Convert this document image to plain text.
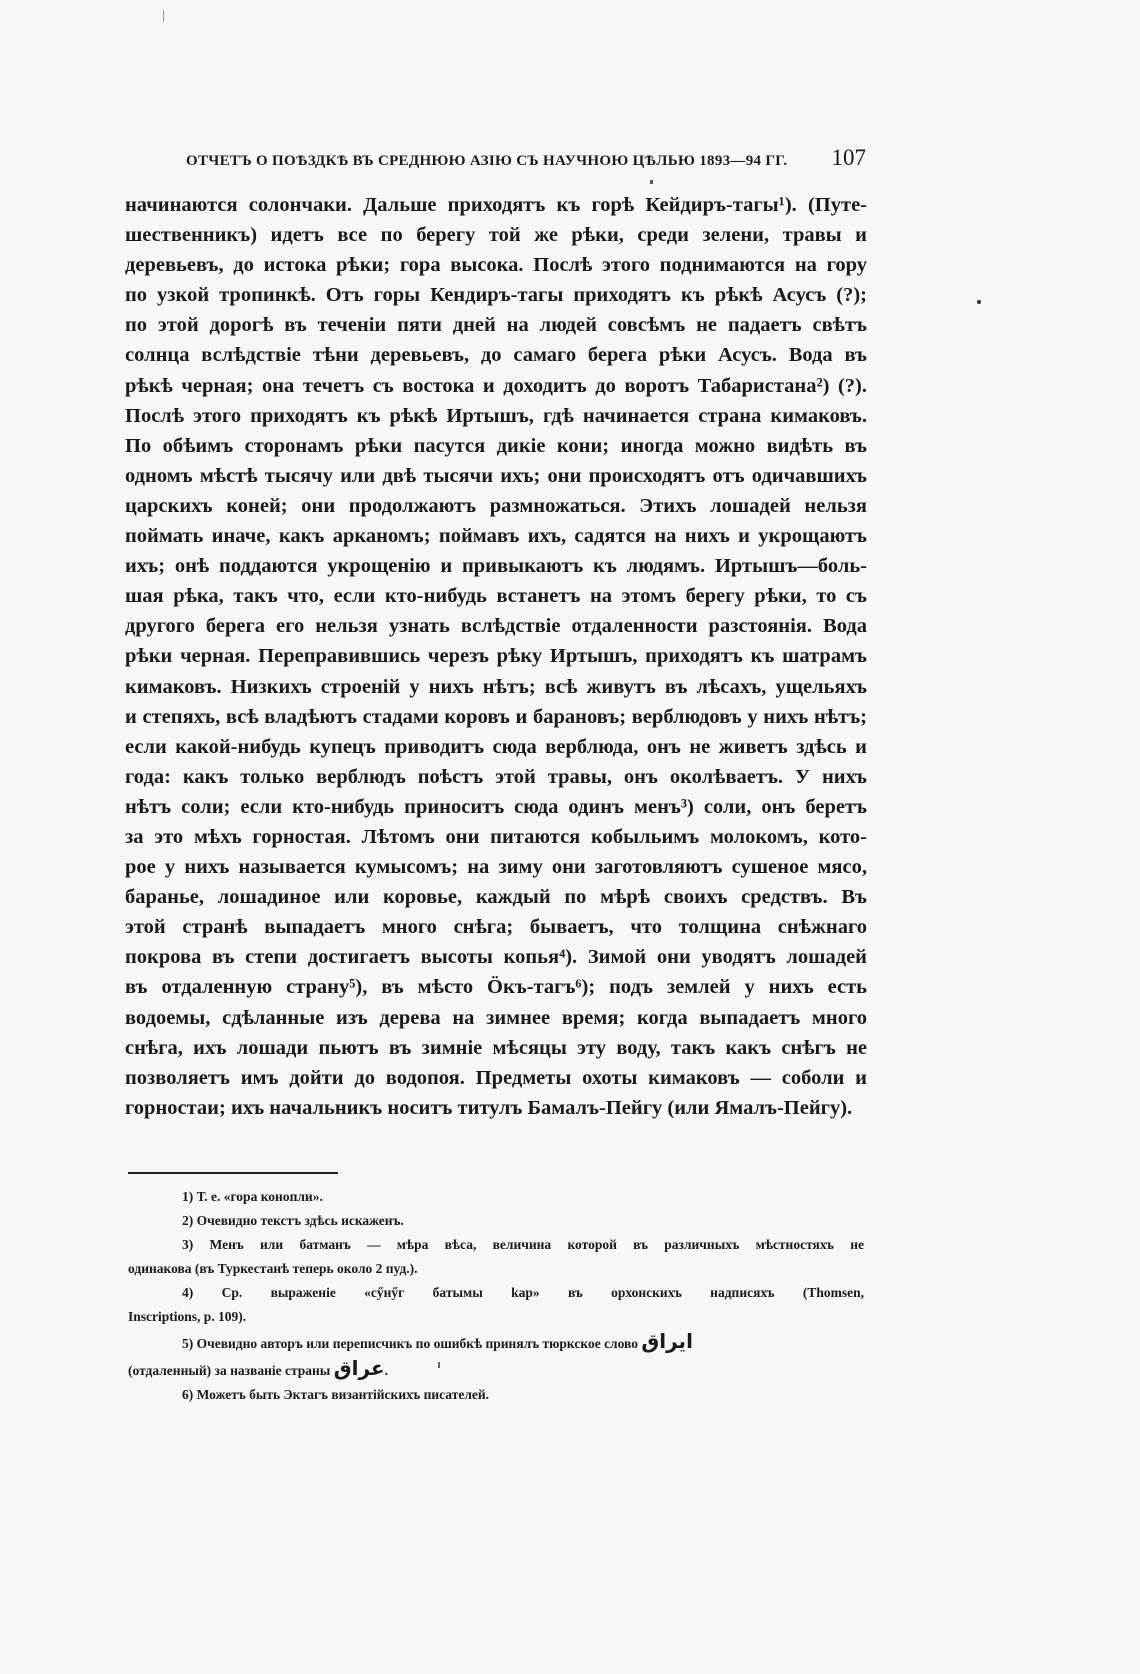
ОТЧЕТЪ О ПОѢЗДКѢ ВЪ СРЕДНЮЮ АЗІЮ СЪ НАУЧНОЮ ЦѢЛЬЮ 1893—94 ГГ. 107
начинаются солончаки. Дальше приходятъ къ горѣ Кейдиръ-тагы¹). (Путе-
шественникъ) идетъ все по берегу той же рѣки, среди зелени, травы и
деревьевъ, до истока рѣки; гора высока. Послѣ этого поднимаются на гору
по узкой тропинкѣ. Отъ горы Кендиръ-тагы приходятъ къ рѣкѣ Асусъ (?);
по этой дорогѣ въ теченіи пяти дней на людей совсѣмъ не падаетъ свѣтъ
солнца вслѣдствіе тѣни деревьевъ, до самаго берега рѣки Асусъ. Вода въ
рѣкѣ черная; она течетъ съ востока и доходитъ до воротъ Табаристана²) (?).
Послѣ этого приходятъ къ рѣкѣ Иртышъ, гдѣ начинается страна кимаковъ.
По обѣимъ сторонамъ рѣки пасутся дикіе кони; иногда можно видѣть въ
одномъ мѣстѣ тысячу или двѣ тысячи ихъ; они происходятъ отъ одичавшихъ
царскихъ коней; они продолжаютъ размножаться. Этихъ лошадей нельзя
поймать иначе, какъ арканомъ; поймавъ ихъ, садятся на нихъ и укрощаютъ
ихъ; онѣ поддаются укрощенію и привыкаютъ къ людямъ. Иртышъ—боль-
шая рѣка, такъ что, если кто-нибудь встанетъ на этомъ берегу рѣки, то съ
другого берега его нельзя узнать вслѣдствіе отдаленности разстоянія. Вода
рѣки черная. Переправившись черезъ рѣку Иртышъ, приходятъ къ шатрамъ
кимаковъ. Низкихъ строеній у нихъ нѣтъ; всѣ живутъ въ лѣсахъ, ущельяхъ
и степяхъ, всѣ владѣютъ стадами коровъ и барановъ; верблюдовъ у нихъ нѣтъ;
если какой-нибудь купецъ приводитъ сюда верблюда, онъ не живетъ здѣсь и
года: какъ только верблюдъ поѣстъ этой травы, онъ околѣваетъ. У нихъ
нѣтъ соли; если кто-нибудь приноситъ сюда одинъ менъ³) соли, онъ беретъ
за это мѣхъ горностая. Лѣтомъ они питаются кобыльимъ молокомъ, кото-
рое у нихъ называется кумысомъ; на зиму они заготовляютъ сушеное мясо,
баранье, лошадиное или коровье, каждый по мѣрѣ своихъ средствъ. Въ
этой странѣ выпадаетъ много снѣга; бываетъ, что толщина снѣжнаго
покрова въ степи достигаетъ высоты копья⁴). Зимой они уводятъ лошадей
въ отдаленную страну⁵), въ мѣсто Öкъ-тагъ⁶); подъ землей у нихъ есть
водоемы, сдѣланные изъ дерева на зимнее время; когда выпадаетъ много
снѣга, ихъ лошади пьютъ въ зимніе мѣсяцы эту воду, такъ какъ снѣгъ не
позволяетъ имъ дойти до водопоя. Предметы охоты кимаковъ — соболи и
горностаи; ихъ начальникъ носитъ титулъ Бамалъ-Пейгу (или Ямалъ-Пейгу).
1) Т. е. «гора конопли».
2) Очевидно текстъ здѣсь искаженъ.
3) Менъ или батманъ — мѣра вѣса, величина которой въ различныхъ мѣстностяхъ не
одинакова (въ Туркестанѣ теперь около 2 пуд.).
4) Ср. выраженіе «сӳнӳг батымы kар» въ орхонскихъ надписяхъ (Thomsen,
Inscriptions, p. 109).
5) Очевидно авторъ или переписчикъ по ошибкѣ принялъ тюркское слово ايراق
(отдаленный) за названіе страны عراق.
6) Можетъ быть Эктагъ византійскихъ писателей.
